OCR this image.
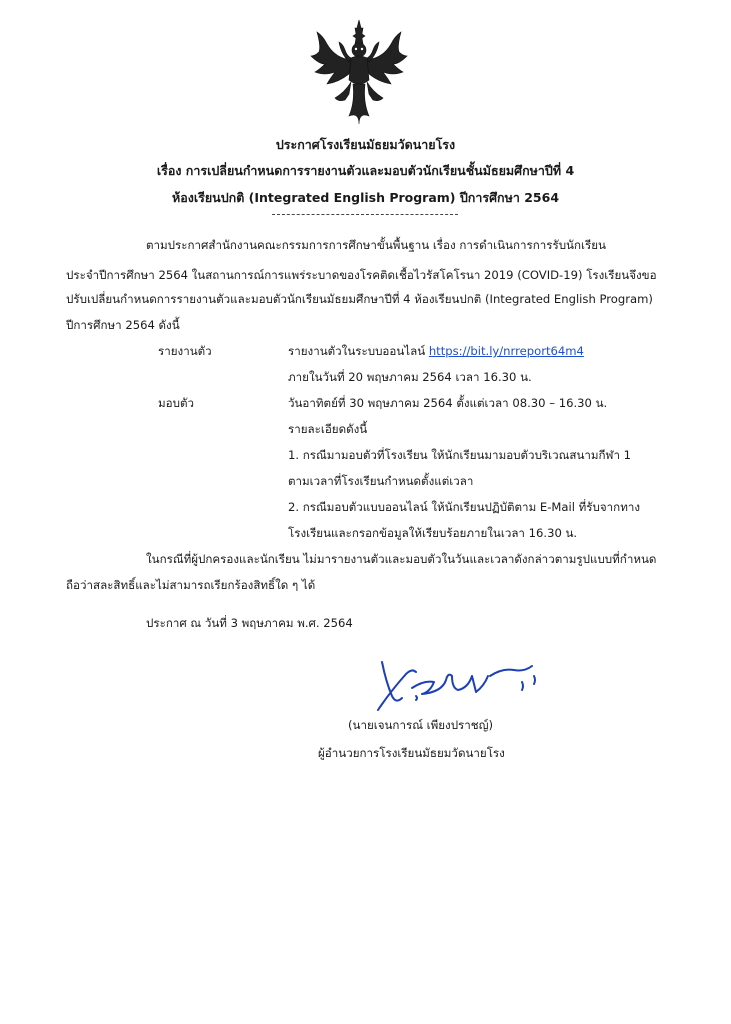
ประกาศโรงเรียนมัธยมวัดนายโรง
เรื่อง การเปลี่ยนกำหนดการรายงานตัวและมอบตัวนักเรียนชั้นมัธยมศึกษาปีที่ 4
ห้องเรียนปกติ (Integrated English Program) ปีการศึกษา 2564
ตามประกาศสำนักงานคณะกรรมการการศึกษาขั้นพื้นฐาน เรื่อง การดำเนินการการรับนักเรียน
ประจำปีการศึกษา 2564 ในสถานการณ์การแพร่ระบาดของโรคติดเชื้อไวรัสโคโรนา 2019 (COVID-19) โรงเรียนจึงขอ
ปรับเปลี่ยนกำหนดการรายงานตัวและมอบตัวนักเรียนมัธยมศึกษาปีที่ 4 ห้องเรียนปกติ (Integrated English Program)
ปีการศึกษา 2564 ดังนี้
รายงานตัว	รายงานตัวในระบบออนไลน์ https://bit.ly/nrreport64m4
ภายในวันที่ 20 พฤษภาคม 2564 เวลา 16.30 น.
มอบตัว	วันอาทิตย์ที่ 30 พฤษภาคม 2564 ตั้งแต่เวลา 08.30 – 16.30 น.
รายละเอียดดังนี้
1. กรณีมามอบตัวที่โรงเรียน ให้นักเรียนมามอบตัวบริเวณสนามกีฬา 1
ตามเวลาที่โรงเรียนกำหนดตั้งแต่เวลา
2. กรณีมอบตัวแบบออนไลน์ ให้นักเรียนปฏิบัติตาม E-Mail ที่รับจากทาง
โรงเรียนและกรอกข้อมูลให้เรียบร้อยภายในเวลา 16.30 น.
ในกรณีที่ผู้ปกครองและนักเรียน ไม่มารายงานตัวและมอบตัวในวันและเวลาดังกล่าวตามรูปแบบที่กำหนด
ถือว่าสละสิทธิ์และไม่สามารถเรียกร้องสิทธิ์ใด ๆ ได้
ประกาศ ณ วันที่ 3 พฤษภาคม พ.ศ. 2564
(นายเจนการณ์ เพียงปราชญ์)
ผู้อำนวยการโรงเรียนมัธยมวัดนายโรง
